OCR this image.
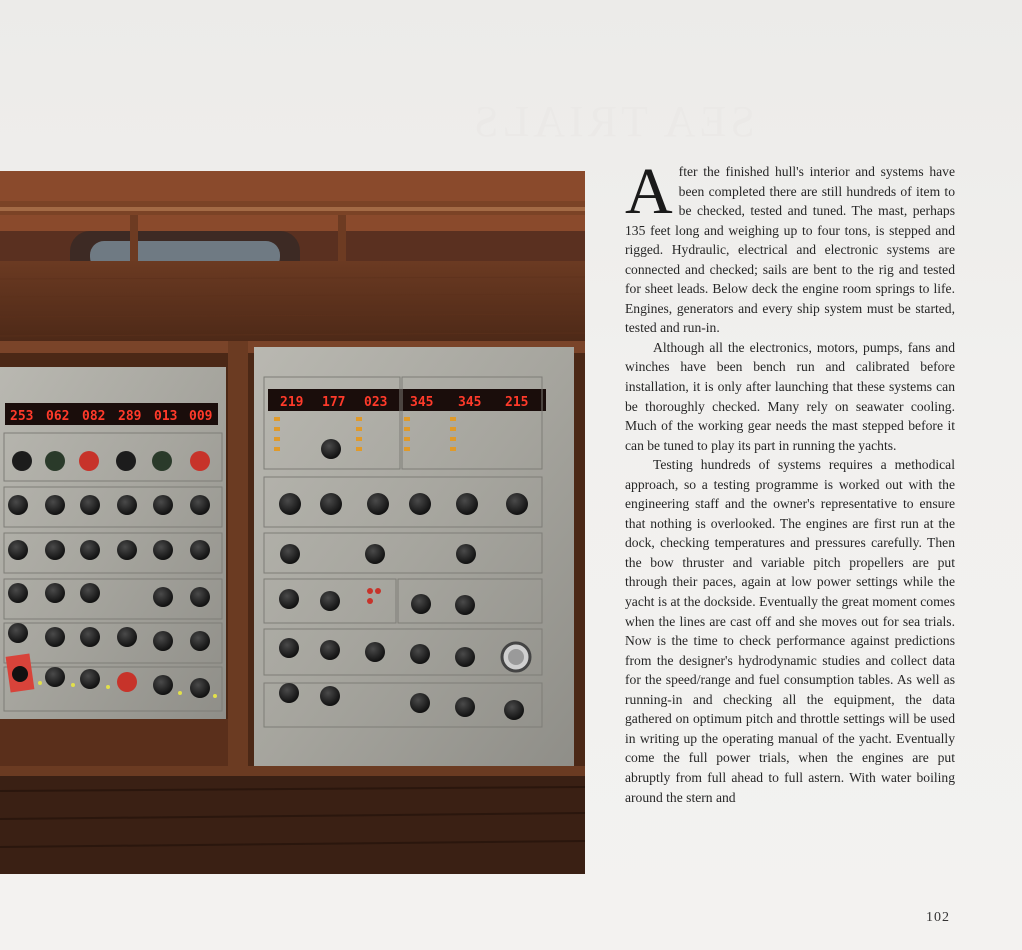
SEA TRIALS
253 062 082 289 013 009
219 177 023 345 345 215

After the finished hull's interior and systems have been completed there are still hundreds of item to be checked, tested and tuned. The mast, perhaps 135 feet long and weighing up to four tons, is stepped and rigged. Hydraulic, electrical and electronic systems are connected and checked; sails are bent to the rig and tested for sheet leads. Below deck the engine room springs to life. Engines, generators and every ship system must be started, tested and run-in.

Although all the electronics, motors, pumps, fans and winches have been bench run and calibrated before installation, it is only after launching that these systems can be thoroughly checked. Many rely on seawater cooling. Much of the working gear needs the mast stepped before it can be tuned to play its part in running the yachts.

Testing hundreds of systems requires a methodical approach, so a testing programme is worked out with the engineering staff and the owner's representative to ensure that nothing is overlooked. The engines are first run at the dock, checking temperatures and pressures carefully. Then the bow thruster and variable pitch propellers are put through their paces, again at low power settings while the yacht is at the dockside. Eventually the great moment comes when the lines are cast off and she moves out for sea trials. Now is the time to check performance against predictions from the designer's hydrodynamic studies and collect data for the speed/range and fuel consumption tables. As well as running-in and checking all the equipment, the data gathered on optimum pitch and throttle settings will be used in writing up the operating manual of the yacht. Eventually come the full power trials, when the engines are put abruptly from full ahead to full astern. With water boiling around the stern and

102
